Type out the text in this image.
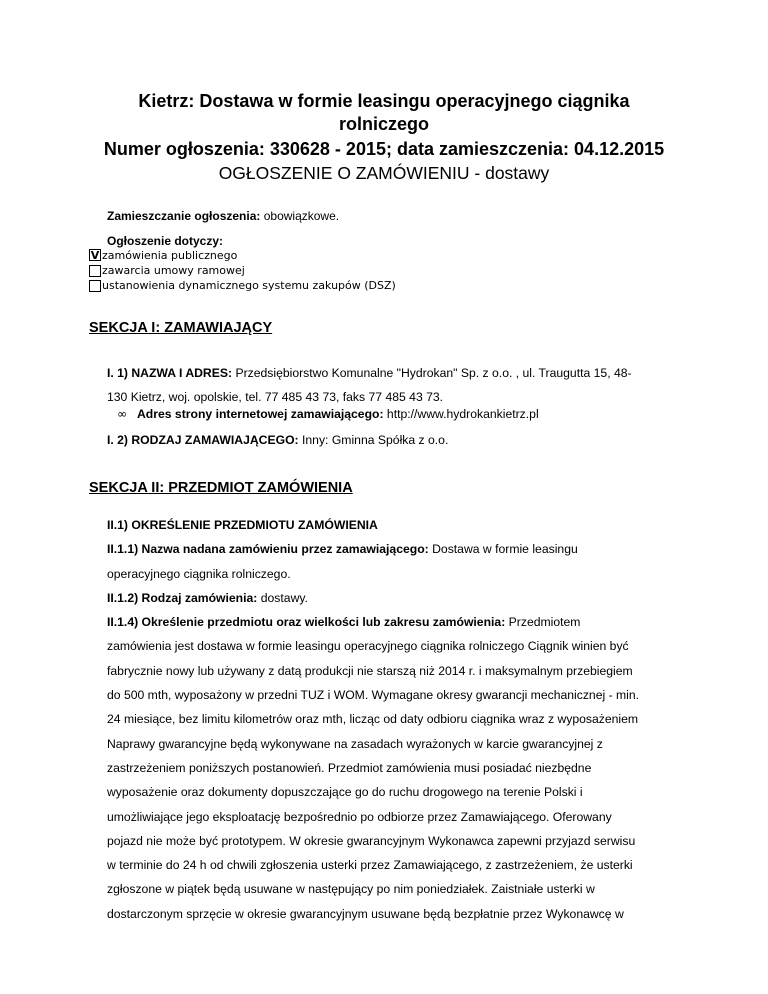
Kietrz: Dostawa w formie leasingu operacyjnego ciągnika

rolniczego

Numer ogłoszenia: 330628 - 2015; data zamieszczenia: 04.12.2015

OGŁOSZENIE O ZAMÓWIENIU - dostawy

Zamieszczanie ogłoszenia: obowiązkowe.
Ogłoszenie dotyczy:
V zamówienia publicznego
zawarcia umowy ramowej
ustanowienia dynamicznego systemu zakupów (DSZ)
SEKCJA I: ZAMAWIAJĄCY

I. 1) NAZWA I ADRES: Przedsiębiorstwo Komunalne "Hydrokan" Sp. z o.o. , ul. Traugutta 15, 48-

130 Kietrz, woj. opolskie, tel. 77 485 43 73, faks 77 485 43 73.

∞ Adres strony internetowej zamawiającego: http://www.hydrokankietrz.pl

I. 2) RODZAJ ZAMAWIAJĄCEGO: Inny: Gminna Spółka z o.o.

SEKCJA II: PRZEDMIOT ZAMÓWIENIA

II.1) OKREŚLENIE PRZEDMIOTU ZAMÓWIENIA

II.1.1) Nazwa nadana zamówieniu przez zamawiającego: Dostawa w formie leasingu

operacyjnego ciągnika rolniczego.

II.1.2) Rodzaj zamówienia: dostawy.

II.1.4) Określenie przedmiotu oraz wielkości lub zakresu zamówienia: Przedmiotem

zamówienia jest dostawa w formie leasingu operacyjnego ciągnika rolniczego Ciągnik winien być

fabrycznie nowy lub używany z datą produkcji nie starszą niż 2014 r. i maksymalnym przebiegiem

do 500 mth, wyposażony w przedni TUZ i WOM. Wymagane okresy gwarancji mechanicznej - min.

24 miesiące, bez limitu kilometrów oraz mth, licząc od daty odbioru ciągnika wraz z wyposażeniem

Naprawy gwarancyjne będą wykonywane na zasadach wyrażonych w karcie gwarancyjnej z

zastrzeżeniem poniższych postanowień. Przedmiot zamówienia musi posiadać niezbędne

wyposażenie oraz dokumenty dopuszczające go do ruchu drogowego na terenie Polski i

umożliwiające jego eksploatację bezpośrednio po odbiorze przez Zamawiającego. Oferowany

pojazd nie może być prototypem. W okresie gwarancyjnym Wykonawca zapewni przyjazd serwisu

w terminie do 24 h od chwili zgłoszenia usterki przez Zamawiającego, z zastrzeżeniem, że usterki

zgłoszone w piątek będą usuwane w następujący po nim poniedziałek. Zaistniałe usterki w

dostarczonym sprzęcie w okresie gwarancyjnym usuwane będą bezpłatnie przez Wykonawcę w
